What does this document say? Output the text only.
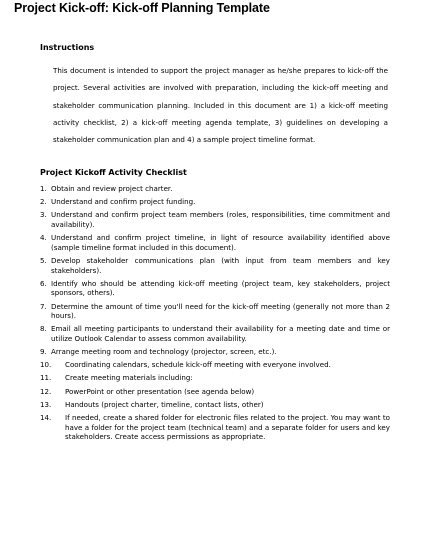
Project Kick-off: Kick-off Planning Template
Instructions

This document is intended to support the project manager as he/she prepares to kick-off the project. Several activities are involved with preparation, including the kick-off meeting and stakeholder communication planning. Included in this document are 1) a kick-off meeting activity checklist, 2) a kick-off meeting agenda template, 3) guidelines on developing a stakeholder communication plan and 4) a sample project timeline format.

Project Kickoff Activity Checklist
1. Obtain and review project charter.
2. Understand and confirm project funding.
3. Understand and confirm project team members (roles, responsibilities, time commitment and availability).
4. Understand and confirm project timeline, in light of resource availability identified above (sample timeline format included in this document).
5. Develop stakeholder communications plan (with input from team members and key stakeholders).
6. Identify who should be attending kick-off meeting (project team, key stakeholders, project sponsors, others).
7. Determine the amount of time you'll need for the kick-off meeting (generally not more than 2 hours).
8. Email all meeting participants to understand their availability for a meeting date and time or utilize Outlook Calendar to assess common availability.
9. Arrange meeting room and technology (projector, screen, etc.).
10. Coordinating calendars, schedule kick-off meeting with everyone involved.
11. Create meeting materials including:
12. PowerPoint or other presentation (see agenda below)
13. Handouts (project charter, timeline, contact lists, other)
14. If needed, create a shared folder for electronic files related to the project. You may want to have a folder for the project team (technical team) and a separate folder for users and key stakeholders. Create access permissions as appropriate.
